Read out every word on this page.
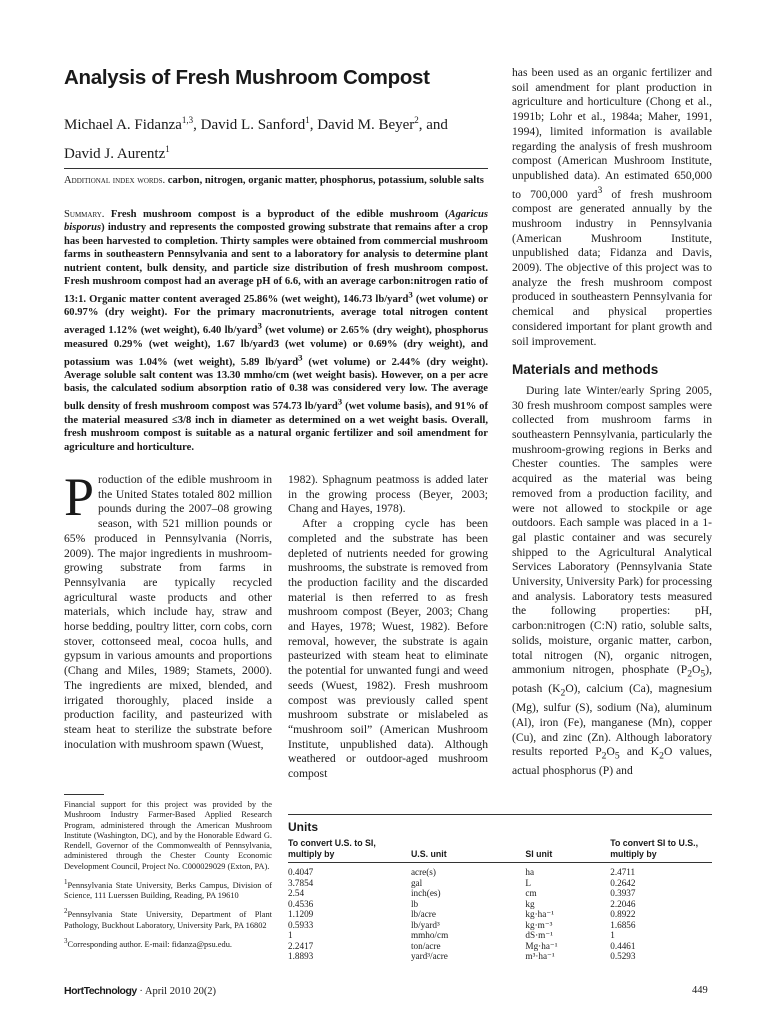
Analysis of Fresh Mushroom Compost
Michael A. Fidanza$^{1,3}$, David L. Sanford$^1$, David M. Beyer$^2$, and David J. Aurentz$^1$
Additional index words. carbon, nitrogen, organic matter, phosphorus, potassium, soluble salts
Summary. Fresh mushroom compost is a byproduct of the edible mushroom (Agaricus bisporus) industry and represents the composted growing substrate that remains after a crop has been harvested to completion. Thirty samples were obtained from commercial mushroom farms in southeastern Pennsylvania and sent to a laboratory for analysis to determine plant nutrient content, bulk density, and particle size distribution of fresh mushroom compost. Fresh mushroom compost had an average pH of 6.6, with an average carbon:nitrogen ratio of 13:1. Organic matter content averaged 25.86% (wet weight), 146.73 lb/yard$^3$ (wet volume) or 60.97% (dry weight). For the primary macronutrients, average total nitrogen content averaged 1.12% (wet weight), 6.40 lb/yard$^3$ (wet volume) or 2.65% (dry weight), phosphorus measured 0.29% (wet weight), 1.67 lb/yard3 (wet volume) or 0.69% (dry weight), and potassium was 1.04% (wet weight), 5.89 lb/yard$^3$ (wet volume) or 2.44% (dry weight). Average soluble salt content was 13.30 mmho/cm (wet weight basis). However, on a per acre basis, the calculated sodium absorption ratio of 0.38 was considered very low. The average bulk density of fresh mushroom compost was 574.73 lb/yard$^3$ (wet volume basis), and 91% of the material measured ≤3/8 inch in diameter as determined on a wet weight basis. Overall, fresh mushroom compost is suitable as a natural organic fertilizer and soil amendment for agriculture and horticulture.
Production of the edible mushroom in the United States totaled 802 million pounds during the 2007–08 growing season, with 521 million pounds or 65% produced in Pennsylvania (Norris, 2009). The major ingredients in mushroom-growing substrate from farms in Pennsylvania are typically recycled agricultural waste products and other materials, which include hay, straw and horse bedding, poultry litter, corn cobs, corn stover, cottonseed meal, cocoa hulls, and gypsum in various amounts and proportions (Chang and Miles, 1989; Stamets, 2000). The ingredients are mixed, blended, and irrigated thoroughly, placed inside a production facility, and pasteurized with steam heat to sterilize the substrate before inoculation with mushroom spawn (Wuest,
1982). Sphagnum peatmoss is added later in the growing process (Beyer, 2003; Chang and Hayes, 1978).
After a cropping cycle has been completed and the substrate has been depleted of nutrients needed for growing mushrooms, the substrate is removed from the production facility and the discarded material is then referred to as fresh mushroom compost (Beyer, 2003; Chang and Hayes, 1978; Wuest, 1982). Before removal, however, the substrate is again pasteurized with steam heat to eliminate the potential for unwanted fungi and weed seeds (Wuest, 1982). Fresh mushroom compost was previously called spent mushroom substrate or mislabeled as “mushroom soil” (American Mushroom Institute, unpublished data). Although weathered or outdoor-aged mushroom compost
has been used as an organic fertilizer and soil amendment for plant production in agriculture and horticulture (Chong et al., 1991b; Lohr et al., 1984a; Maher, 1991, 1994), limited information is available regarding the analysis of fresh mushroom compost (American Mushroom Institute, unpublished data). An estimated 650,000 to 700,000 yard$^3$ of fresh mushroom compost are generated annually by the mushroom industry in Pennsylvania (American Mushroom Institute, unpublished data; Fidanza and Davis, 2009). The objective of this project was to analyze the fresh mushroom compost produced in southeastern Pennsylvania for chemical and physical properties considered important for plant growth and soil improvement.
Materials and methods
During late Winter/early Spring 2005, 30 fresh mushroom compost samples were collected from mushroom farms in southeastern Pennsylvania, particularly the mushroom-growing regions in Berks and Chester counties. The samples were acquired as the material was being removed from a production facility, and were not allowed to stockpile or age outdoors. Each sample was placed in a 1-gal plastic container and was securely shipped to the Agricultural Analytical Services Laboratory (Pennsylvania State University, University Park) for processing and analysis. Laboratory tests measured the following properties: pH, carbon:nitrogen (C:N) ratio, soluble salts, solids, moisture, organic matter, carbon, total nitrogen (N), organic nitrogen, ammonium nitrogen, phosphate $(P_2O_5)$, potash $(K_2O)$, calcium (Ca), magnesium (Mg), sulfur (S), sodium (Na), aluminum (Al), iron (Fe), manganese (Mn), copper (Cu), and zinc (Zn). Although laboratory results reported $P_2O_5$ and $K_2O$ values, actual phosphorus (P) and

Financial support for this project was provided by the Mushroom Industry Farmer-Based Applied Research Program, administered through the American Mushroom Institute (Washington, DC), and by the Honorable Edward G. Rendell, Governor of the Commonwealth of Pennsylvania, administered through the Chester County Economic Development Council, Project No. C000029029 (Exton, PA).

$^1$Pennsylvania State University, Berks Campus, Division of Science, 111 Luerssen Building, Reading, PA 19610

$^2$Pennsylvania State University, Department of Plant Pathology, Buckhout Laboratory, University Park, PA 16802

$^3$Corresponding author. E-mail: fidanza@psu.edu.

Units
To convert U.S. to SI, multiply by	U.S. unit	SI unit	To convert SI to U.S., multiply by
0.4047	acre(s)	ha	2.4711
3.7854	gal	L	0.2642
2.54	inch(es)	cm	0.3937
0.4536	lb	kg	2.2046
1.1209	lb/acre	kg·ha⁻¹	0.8922
0.5933	lb/yard³	kg·m⁻³	1.6856
1	mmho/cm	dS·m⁻¹	1
2.2417	ton/acre	Mg·ha⁻¹	0.4461
1.8893	yard³/acre	m³·ha⁻¹	0.5293
HortTechnology · April 2010 20(2)	449
